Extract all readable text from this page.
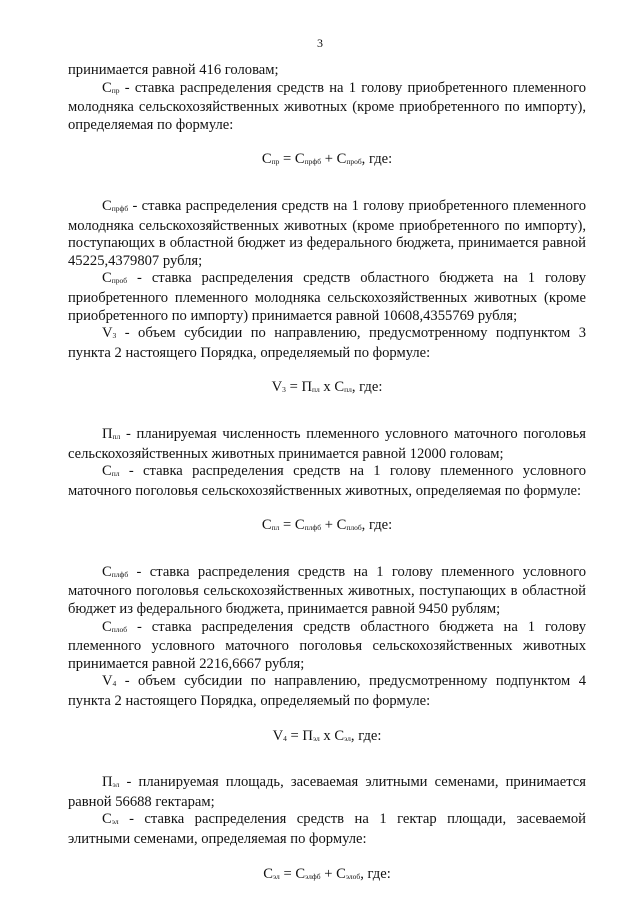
3

принимается равной 416 головам;

Спр - ставка распределения средств на 1 голову приобретенного племенного молодняка сельскохозяйственных животных (кроме приобретенного по импорту), определяемая по формуле:

Спр = Спрфб + Спроб, где:

Спрфб - ставка распределения средств на 1 голову приобретенного племенного молодняка сельскохозяйственных животных (кроме приобретенного по импорту), поступающих в областной бюджет из федерального бюджета, принимается равной 45225,4379807 рубля;

Спроб - ставка распределения средств областного бюджета на 1 голову приобретенного племенного молодняка сельскохозяйственных животных (кроме приобретенного по импорту) принимается равной 10608,4355769 рубля;

V3 - объем субсидии по направлению, предусмотренному подпунктом 3 пункта 2 настоящего Порядка, определяемый по формуле:

V3 = Ппл х Спл, где:

Ппл - планируемая численность племенного условного маточного поголовья сельскохозяйственных животных принимается равной 12000 головам;

Спл - ставка распределения средств на 1 голову племенного условного маточного поголовья сельскохозяйственных животных, определяемая по формуле:

Спл = Сплфб + Сплоб, где:

Сплфб - ставка распределения средств на 1 голову племенного условного маточного поголовья сельскохозяйственных животных, поступающих в областной бюджет из федерального бюджета, принимается равной 9450 рублям;

Сплоб - ставка распределения средств областного бюджета на 1 голову племенного условного маточного поголовья сельскохозяйственных животных принимается равной 2216,6667 рубля;

V4 - объем субсидии по направлению, предусмотренному подпунктом 4 пункта 2 настоящего Порядка, определяемый по формуле:

V4 = Пэл х Сэл, где:

Пэл - планируемая площадь, засеваемая элитными семенами, принимается равной 56688 гектарам;

Сэл - ставка распределения средств на 1 гектар площади, засеваемой элитными семенами, определяемая по формуле:

Сэл = Сэлфб + Сэлоб, где:
